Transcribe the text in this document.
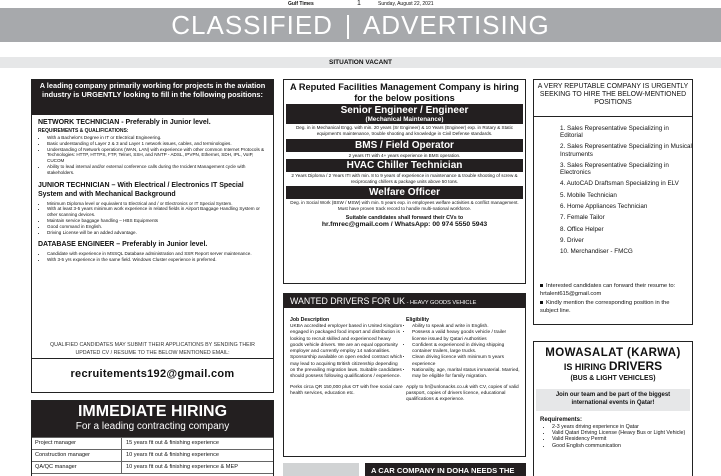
Gulf Times	1	Sunday, August 22, 2021
CLASSIFIED ADVERTISING
SITUATION VACANT
A leading company primarily working for projects in the aviation industry is URGENTLY looking to fill in the following positions:
NETWORK TECHNICIAN - Preferably in Junior level.
REQUIREMENTS & QUALIFICATIONS:
• With a Bachelor's Degree in IT or Electrical Engineering.
• Basic understanding of Layer 2 & 3 and Layer 1 network issues, cables, and terminologies.
• Understanding of Network operations (WAN, LAN) with experience with other common Internet Protocols & Technologies: HTTP, HTTPS, FTP, Telnet, SSH, and NNTP - ADSL, IPVPN, Ethernet, SDH, IPL, VoIP, CUCOM
• Ability to lead internal and/or external conference calls during the Incident Management cycle with stakeholders.
JUNIOR TECHNICIAN – With Electrical / Electronics IT Special System and with Mechanical Background
• Minimum Diploma level or equivalent to Electrical and / or Electronics or IT Special System.
• With at least 3-5 years minimum work experience in related fields in Airport Baggage Handling System or other scanning devices.
• Maintain service baggage handling – HBS Equipments
• Good command in English.
• Driving License will be an added advantage.
DATABASE ENGINEER – Preferably in Junior level.
• Candidate with experience in MSSQL Database administration and SSR Report server maintenance.
• With 3-5 yrs experience in the same field. Windows Cluster experience is preferred.
QUALIFIED CANDIDATES MAY SUBMIT THEIR APPLICATIONS BY SENDING THEIR UPDATED CV / RESUME TO THE BELOW MENTIONED EMAIL:
recruitements192@gmail.com
IMMEDIATE HIRING
For a leading contracting company
Project manager	15 years fit out & finishing experience
Construction manager	10 years fit out & finishing experience
QA/QC manager	10 years fit out & finishing experience & MEP
A Reputed Facilities Management Company is hiring for the below positions
Senior Engineer / Engineer
(Mechanical Maintenance)
Deg. in in Mechanical Engg. with min. 20 years (Sr Engineer) & 10 Years (Engineer) exp. in Rotary & Static equipment's maintenance, trouble shooting and knowledge in Civil Defense standards.
BMS / Field Operator
2 years ITI with 4+ years experience in BMS operation.
HVAC Chiller Technician
2 Years Diploma / 2 Years ITI with min. 8 to 9 years of experience in maintenance & trouble shooting of screw & reciprocating chillers & package units above 50 tons.
Welfare Officer
Deg. in Social Work (BSW / MSW) with min. 5 years exp. in employees welfare activities & conflict management. Must have proven track record to handle multi-national workforce.
Suitable candidates shall forward their CVs to
hr.fmrec@gmail.com / WhatsApp: 00 974 5550 5943
WANTED DRIVERS FOR UK - HEAVY GOODS VEHICLE
Job Description
UKBA accredited employer based in United Kingdom engaged in packaged food import and distribution is looking to recruit skilled and experienced heavy goods vehicle drivers. We are an equal opportunity employer and currently employ 14 nationalities. Sponsorship available on open ended contract which may lead to acquiring British citizenship depending on the prevailing migration laws. Suitable candidates should possess following qualifications / experience.
Perks circa QR 150,000 plus OT with free social care health services, education etc.
Eligibility
• Ability to speak and write in English.
• Possess a valid heavy goods vehicle / trailer license issued by Qatari Authorities
• Confident & experienced in driving shipping container trailers, large trucks.
• Clean driving licence with minimum 5 years experience
• Nationality, age, marital status immaterial. Married, may be eligible for family migration.
Apply to hr@unlonacks.co.uk with CV, copies of valid passport, copies of drivers licence, educational qualifications & experience.
A CAR COMPANY IN DOHA NEEDS THE
A VERY REPUTABLE COMPANY IS URGENTLY SEEKING TO HIRE THE BELOW-MENTIONED POSITIONS
1. Sales Representative Specializing in Editorial
2. Sales Representative Specializing in Musical Instruments
3. Sales Representative Specializing in Electronics
4. AutoCAD Draftsman Specializing in ELV
5. Mobile Technician
6. Home Appliances Technician
7. Female Tailor
8. Office Helper
9. Driver
10. Merchandiser - FMCG
Interested candidates can forward their resume to: hrtalent615@gmail.com
Kindly mention the corresponding position in the subject line.
MOWASALAT (KARWA)
IS HIRING DRIVERS
(BUS & LIGHT VEHICLES)
Join our team and be part of the biggest international events in Qatar!
Requirements:
• 2-3 years driving experience in Qatar
• Valid Qatari Driving License (Heavy Bus or Light Vehicle)
• Valid Residency Permit
• Good English communication
